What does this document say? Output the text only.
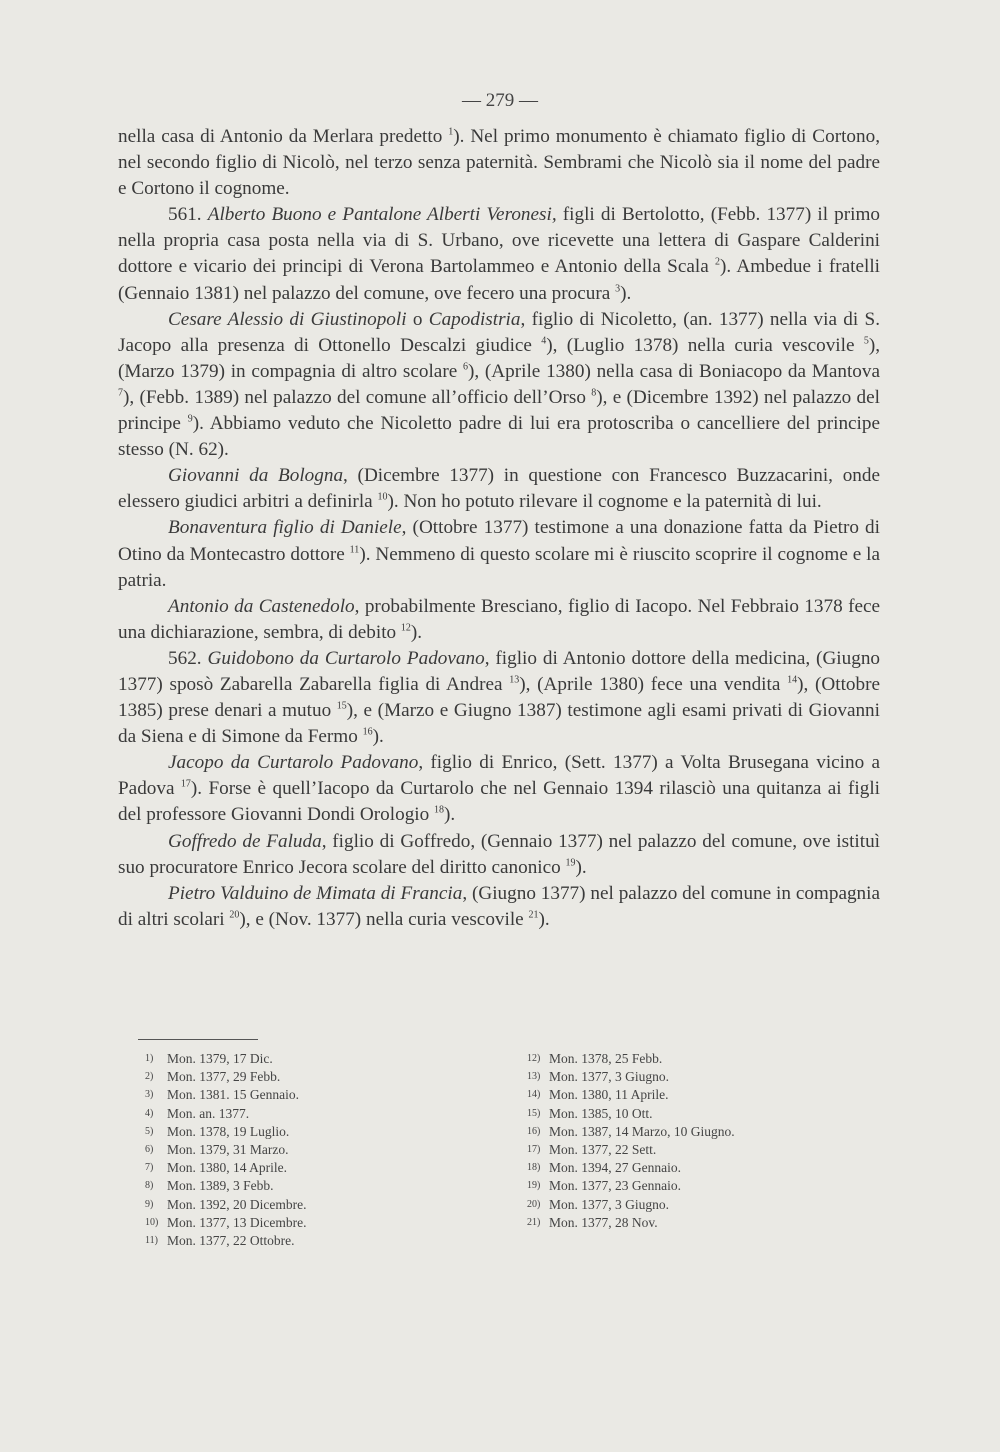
— 279 —

nella casa di Antonio da Merlara predetto $^1$). Nel primo monumento è chiamato figlio di Cortono, nel secondo figlio di Nicolò, nel terzo senza paternità. Sembrami che Nicolò sia il nome del padre e Cortono il cognome.

561. Alberto Buono e Pantalone Alberti Veronesi, figli di Bertolotto, (Febb. 1377) il primo nella propria casa posta nella via di S. Urbano, ove ricevette una lettera di Gaspare Calderini dottore e vicario dei principi di Verona Bartolammeo e Antonio della Scala $^2$). Ambedue i fratelli (Gennaio 1381) nel palazzo del comune, ove fecero una procura $^3$).

Cesare Alessio di Giustinopoli o Capodistria, figlio di Nicoletto, (an. 1377) nella via di S. Jacopo alla presenza di Ottonello Descalzi giudice $^4$), (Luglio 1378) nella curia vescovile $^5$), (Marzo 1379) in compagnia di altro scolare $^6$), (Aprile 1380) nella casa di Boniacopo da Mantova $^7$), (Febb. 1389) nel palazzo del comune all’officio dell’Orso $^8$), e (Dicembre 1392) nel palazzo del principe $^9$). Abbiamo veduto che Nicoletto padre di lui era protoscriba o cancelliere del principe stesso (N. 62).

Giovanni da Bologna, (Dicembre 1377) in questione con Francesco Buzzacarini, onde elessero giudici arbitri a definirla $^{10}$). Non ho potuto rilevare il cognome e la paternità di lui.

Bonaventura figlio di Daniele, (Ottobre 1377) testimone a una donazione fatta da Pietro di Otino da Montecastro dottore $^{11}$). Nemmeno di questo scolare mi è riuscito scoprire il cognome e la patria.

Antonio da Castenedolo, probabilmente Bresciano, figlio di Iacopo. Nel Febbraio 1378 fece una dichiarazione, sembra, di debito $^{12}$).

562. Guidobono da Curtarolo Padovano, figlio di Antonio dottore della medicina, (Giugno 1377) sposò Zabarella Zabarella figlia di Andrea $^{13}$), (Aprile 1380) fece una vendita $^{14}$), (Ottobre 1385) prese denari a mutuo $^{15}$), e (Marzo e Giugno 1387) testimone agli esami privati di Giovanni da Siena e di Simone da Fermo $^{16}$).

Jacopo da Curtarolo Padovano, figlio di Enrico, (Sett. 1377) a Volta Brusegana vicino a Padova $^{17}$). Forse è quell’Iacopo da Curtarolo che nel Gennaio 1394 rilasciò una quitanza ai figli del professore Giovanni Dondi Orologio $^{18}$).

Goffredo de Faluda, figlio di Goffredo, (Gennaio 1377) nel palazzo del comune, ove istituì suo procuratore Enrico Jecora scolare del diritto canonico $^{19}$).

Pietro Valduino de Mimata di Francia, (Giugno 1377) nel palazzo del comune in compagnia di altri scolari $^{20}$), e (Nov. 1377) nella curia vescovile $^{21}$).

1) Mon. 1379, 17 Dic.
2) Mon. 1377, 29 Febb.
3) Mon. 1381. 15 Gennaio.
4) Mon. an. 1377.
5) Mon. 1378, 19 Luglio.
6) Mon. 1379, 31 Marzo.
7) Mon. 1380, 14 Aprile.
8) Mon. 1389, 3 Febb.
9) Mon. 1392, 20 Dicembre.
10) Mon. 1377, 13 Dicembre.
11) Mon. 1377, 22 Ottobre.
12) Mon. 1378, 25 Febb.
13) Mon. 1377, 3 Giugno.
14) Mon. 1380, 11 Aprile.
15) Mon. 1385, 10 Ott.
16) Mon. 1387, 14 Marzo, 10 Giugno.
17) Mon. 1377, 22 Sett.
18) Mon. 1394, 27 Gennaio.
19) Mon. 1377, 23 Gennaio.
20) Mon. 1377, 3 Giugno.
21) Mon. 1377, 28 Nov.
